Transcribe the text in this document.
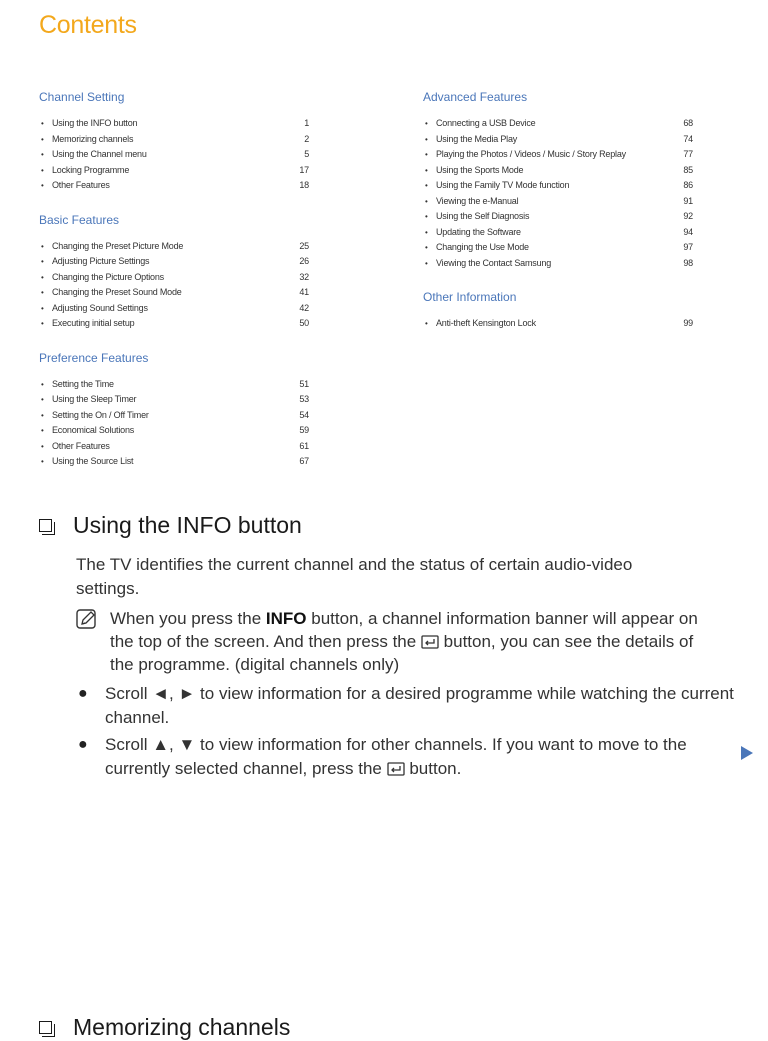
Contents
Channel Setting
• Using the INFO button	1
• Memorizing channels	2
• Using the Channel menu	5
• Locking Programme	17
• Other Features	18
Basic Features
• Changing the Preset Picture Mode	25
• Adjusting Picture Settings	26
• Changing the Picture Options	32
• Changing the Preset Sound Mode	41
• Adjusting Sound Settings	42
• Executing initial setup	50
Preference Features
• Setting the Time	51
• Using the Sleep Timer	53
• Setting the On / Off Timer	54
• Economical Solutions	59
• Other Features	61
• Using the Source List	67
Advanced Features
• Connecting a USB Device	68
• Using the Media Play	74
• Playing the Photos / Videos / Music / Story Replay	77
• Using the Sports Mode	85
• Using the Family TV Mode function	86
• Viewing the e-Manual	91
• Using the Self Diagnosis	92
• Updating the Software	94
• Changing the Use Mode	97
• Viewing the Contact Samsung	98
Other Information
• Anti-theft Kensington Lock	99
Using the INFO button
The TV identifies the current channel and the status of certain audio-video settings.
When you press the INFO button, a channel information banner will appear on the top of the screen. And then press the  button, you can see the details of the programme. (digital channels only)
●	Scroll ◄, ► to view information for a desired programme while watching the current channel.
●	Scroll ▲, ▼ to view information for other channels. If you want to move to the currently selected channel, press the  button.
Memorizing channels
